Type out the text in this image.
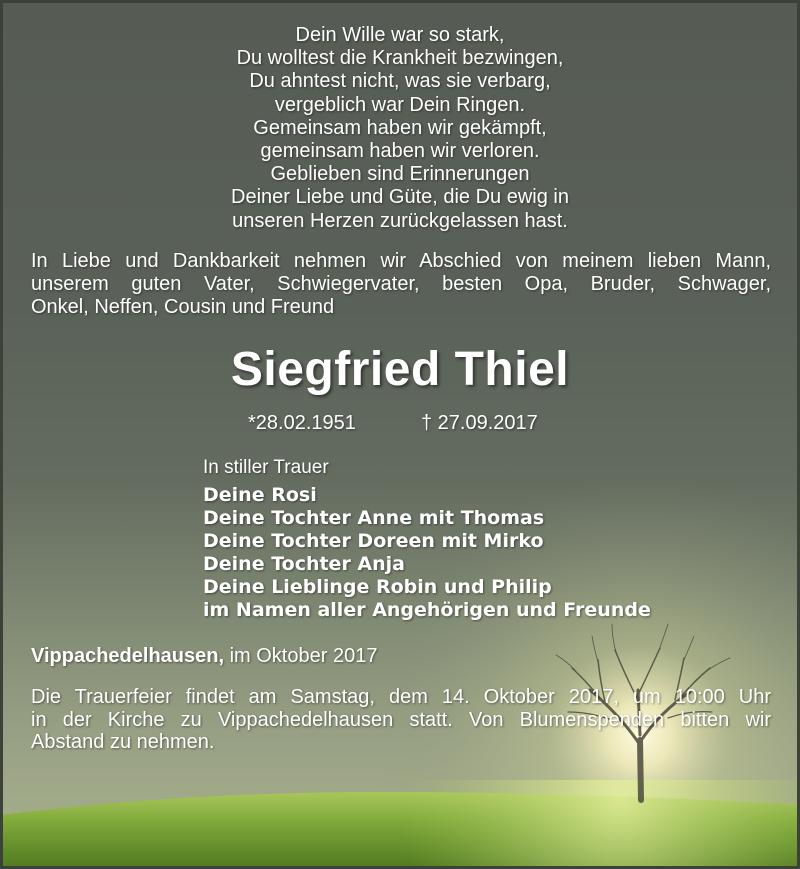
Dein Wille war so stark,
Du wolltest die Krankheit bezwingen,
Du ahntest nicht, was sie verbarg,
vergeblich war Dein Ringen.
Gemeinsam haben wir gekämpft,
gemeinsam haben wir verloren.
Geblieben sind Erinnerungen
Deiner Liebe und Güte, die Du ewig in
unseren Herzen zurückgelassen hast.
In Liebe und Dankbarkeit nehmen wir Abschied von meinem lieben Mann,
unserem guten Vater, Schwiegervater, besten Opa, Bruder, Schwager,
Onkel, Neffen, Cousin und Freund
Siegfried Thiel
*28.02.1951	† 27.09.2017
In stiller Trauer
Deine Rosi
Deine Tochter Anne mit Thomas
Deine Tochter Doreen mit Mirko
Deine Tochter Anja
Deine Lieblinge Robin und Philip
im Namen aller Angehörigen und Freunde
Vippachedelhausen, im Oktober 2017
Die Trauerfeier findet am Samstag, dem 14. Oktober 2017, um 10:00 Uhr
in der Kirche zu Vippachedelhausen statt. Von Blumenspenden bitten wir
Abstand zu nehmen.
